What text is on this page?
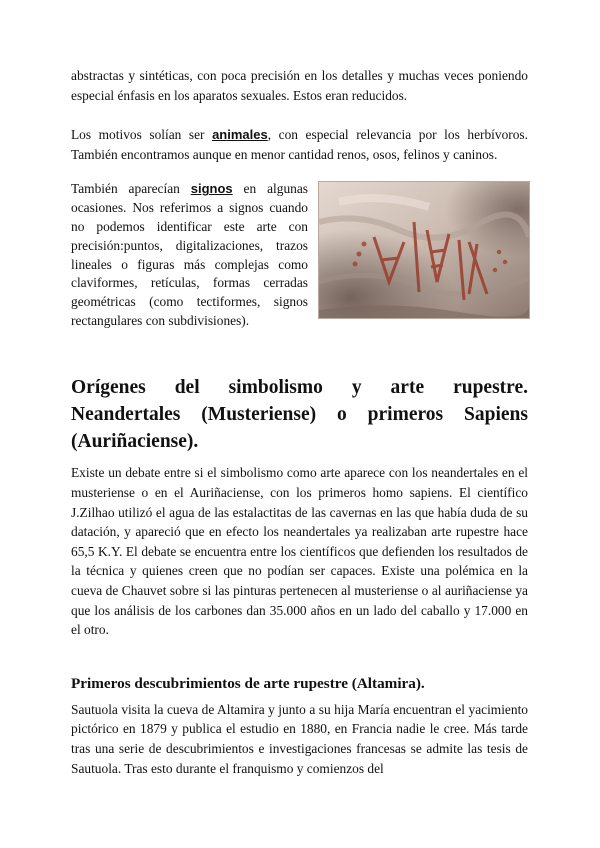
abstractas y sintéticas, con poca precisión en los detalles y muchas veces poniendo especial énfasis en los aparatos sexuales. Estos eran reducidos.

Los motivos solían ser animales, con especial relevancia por los herbívoros. También encontramos aunque en menor cantidad renos, osos, felinos y caninos.

También aparecían signos en algunas ocasiones. Nos referimos a signos cuando no podemos identificar este arte con precisión:puntos, digitalizaciones, trazos lineales o figuras más complejas como claviformes, retículas, formas cerradas geométricas (como tectiformes, signos rectangulares con subdivisiones).

Orígenes del simbolismo y arte rupestre.
Neandertales (Musteriense) o primeros Sapiens
(Auriñaciense).

Existe un debate entre si el simbolismo como arte aparece con los neandertales en el musteriense o en el Auriñaciense, con los primeros homo sapiens. El científico J.Zilhao utilizó el agua de las estalactitas de las cavernas en las que había duda de su datación, y apareció que en efecto los neandertales ya realizaban arte rupestre hace 65,5 K.Y. El debate se encuentra entre los científicos que defienden los resultados de la técnica y quienes creen que no podían ser capaces. Existe una polémica en la cueva de Chauvet sobre si las pinturas pertenecen al musteriense o al auriñaciense ya que los análisis de los carbones dan 35.000 años en un lado del caballo y 17.000 en el otro.

Primeros descubrimientos de arte rupestre (Altamira).

Sautuola visita la cueva de Altamira y junto a su hija María encuentran el yacimiento pictórico en 1879 y publica el estudio en 1880, en Francia nadie le cree. Más tarde tras una serie de descubrimientos e investigaciones francesas se admite las tesis de Sautuola. Tras esto durante el franquismo y comienzos del
